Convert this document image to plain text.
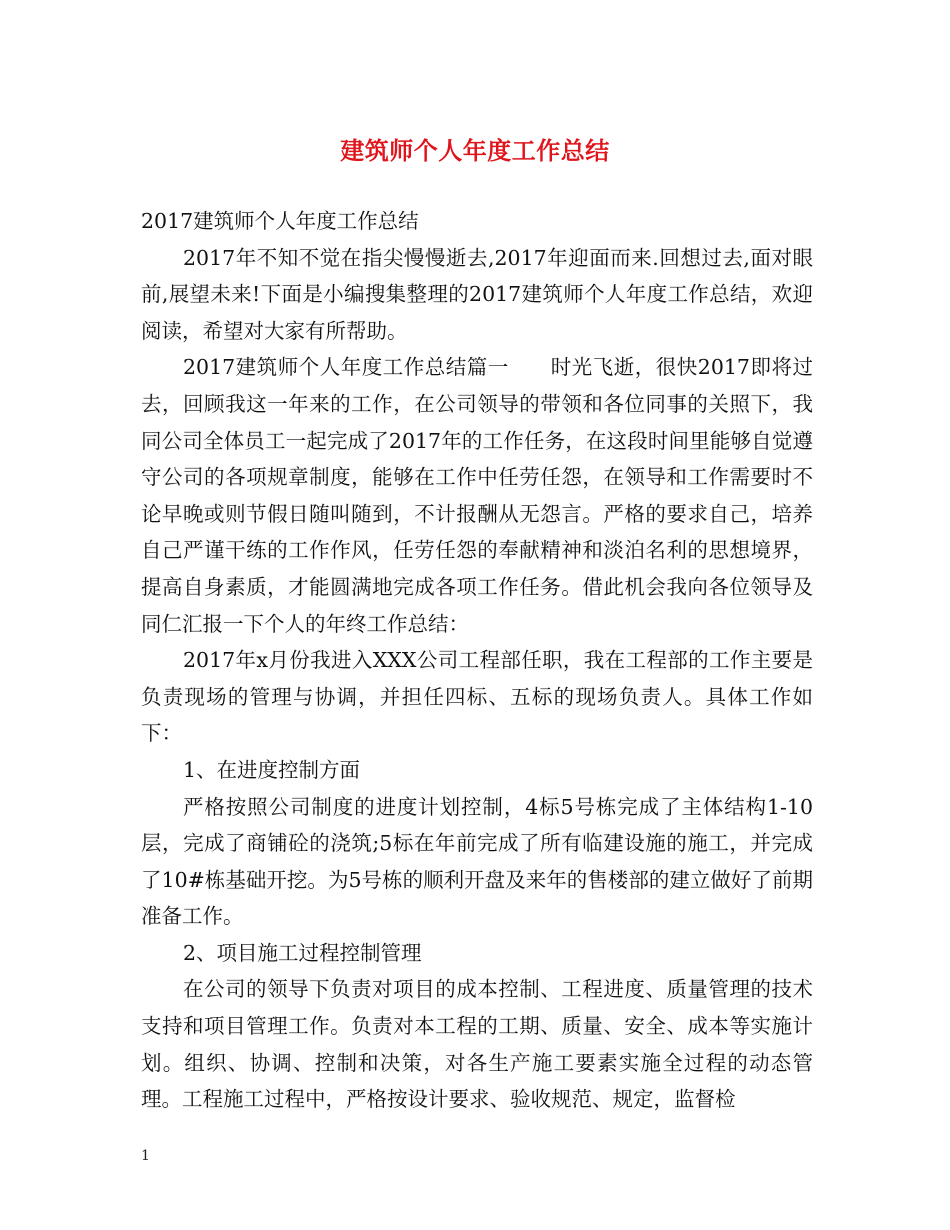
建筑师个人年度工作总结

2017建筑师个人年度工作总结

2017年不知不觉在指尖慢慢逝去,2017年迎面而来.回想过去,面对眼前,展望未来!下面是小编搜集整理的2017建筑师个人年度工作总结，欢迎阅读，希望对大家有所帮助。

2017建筑师个人年度工作总结篇一　　时光飞逝，很快2017即将过去，回顾我这一年来的工作，在公司领导的带领和各位同事的关照下，我同公司全体员工一起完成了2017年的工作任务，在这段时间里能够自觉遵守公司的各项规章制度，能够在工作中任劳任怨，在领导和工作需要时不论早晚或则节假日随叫随到，不计报酬从无怨言。严格的要求自己，培养自己严谨干练的工作作风，任劳任怨的奉献精神和淡泊名利的思想境界，提高自身素质，才能圆满地完成各项工作任务。借此机会我向各位领导及同仁汇报一下个人的年终工作总结：

2017年x月份我进入XXX公司工程部任职，我在工程部的工作主要是负责现场的管理与协调，并担任四标、五标的现场负责人。具体工作如下：

1、在进度控制方面

严格按照公司制度的进度计划控制，4标5号栋完成了主体结构1-10层，完成了商铺砼的浇筑;5标在年前完成了所有临建设施的施工，并完成了10#栋基础开挖。为5号栋的顺利开盘及来年的售楼部的建立做好了前期准备工作。

2、项目施工过程控制管理

在公司的领导下负责对项目的成本控制、工程进度、质量管理的技术支持和项目管理工作。负责对本工程的工期、质量、安全、成本等实施计划。组织、协调、控制和决策，对各生产施工要素实施全过程的动态管理。工程施工过程中，严格按设计要求、验收规范、规定，监督检

1
